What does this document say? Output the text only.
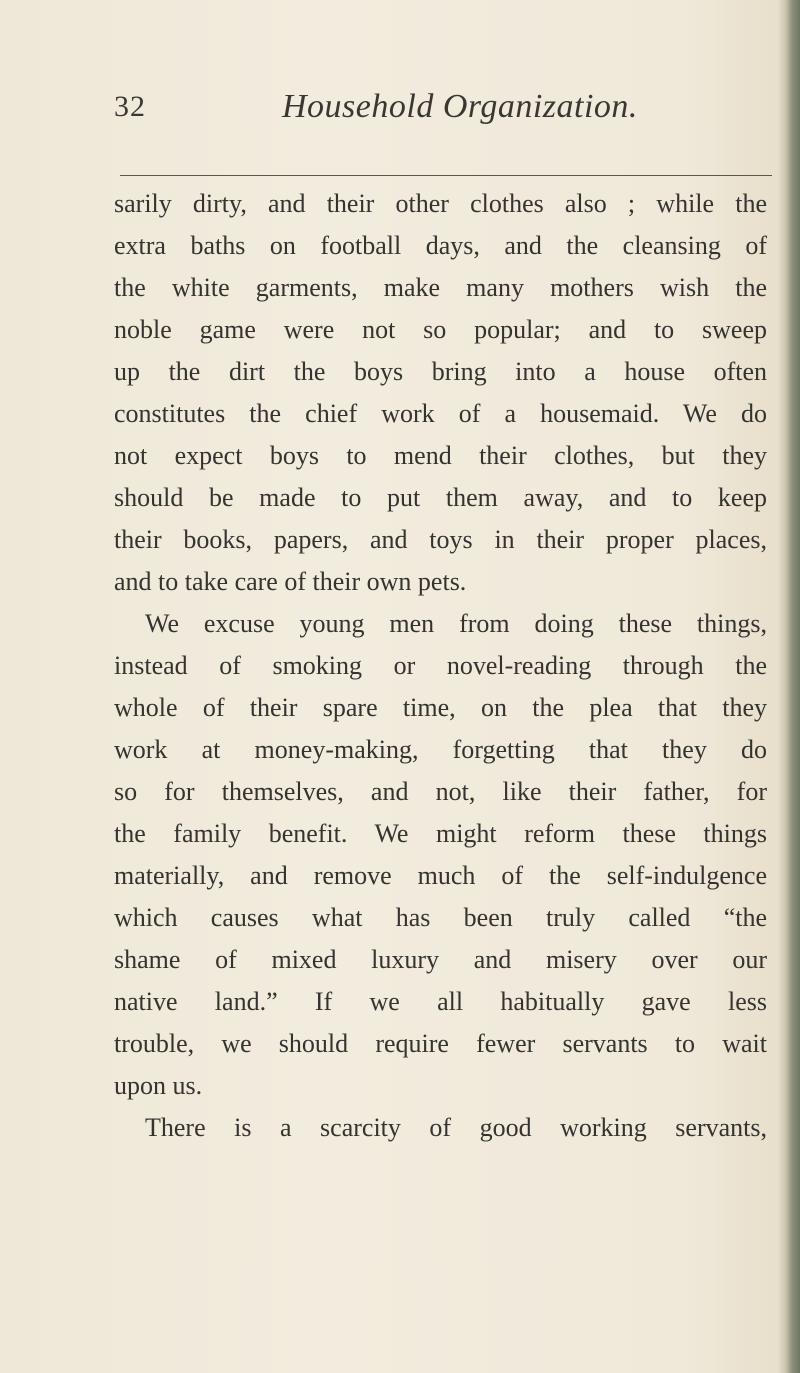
32	Household Organization.
sarily dirty, and their other clothes also ; while the
extra baths on football days, and the cleansing of
the white garments, make many mothers wish the
noble game were not so popular; and to sweep
up the dirt the boys bring into a house often
constitutes the chief work of a housemaid. We do
not expect boys to mend their clothes, but they
should be made to put them away, and to keep
their books, papers, and toys in their proper places,
and to take care of their own pets.
We excuse young men from doing these things,
instead of smoking or novel-reading through the
whole of their spare time, on the plea that they
work at money-making, forgetting that they do
so for themselves, and not, like their father, for
the family benefit. We might reform these things
materially, and remove much of the self-indulgence
which causes what has been truly called “the
shame of mixed luxury and misery over our
native land.” If we all habitually gave less
trouble, we should require fewer servants to wait
upon us.
There is a scarcity of good working servants,
